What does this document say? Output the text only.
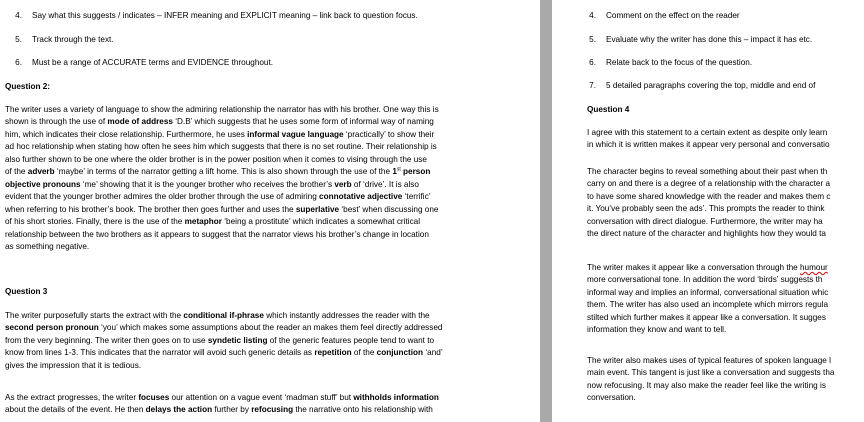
4. Say what this suggests / indicates – INFER meaning and EXPLICIT meaning – link back to question focus.
5. Track through the text.
6. Must be a range of ACCURATE terms and EVIDENCE throughout.
Question 2:
The writer uses a variety of language to show the admiring relationship the narrator has with his brother. One way this is
shown is through the use of mode of address ‘D.B’ which suggests that he uses some form of informal way of naming
him, which indicates their close relationship. Furthermore, he uses informal vague language ‘practically’ to show their
ad hoc relationship when stating how often he sees him which suggests that there is no set routine. Their relationship is
also further shown to be one where the older brother is in the power position when it comes to vising through the use
of the adverb ‘maybe’ in terms of the narrator getting a lift home. This is also shown through the use of the 1st person
objective pronouns ‘me’ showing that it is the younger brother who receives the brother’s verb of ‘drive’. It is also
evident that the younger brother admires the older brother through the use of admiring connotative adjective ‘terrific’
when referring to his brother’s book. The brother then goes further and uses the superlative ‘best’ when discussing one
of his short stories. Finally, there is the use of the metaphor ‘being a prostitute’ which indicates a somewhat critical
relationship between the two brothers as it appears to suggest that the narrator views his brother’s change in location
as something negative.
Question 3
The writer purposefully starts the extract with the conditional if-phrase which instantly addresses the reader with the
second person pronoun ‘you’ which makes some assumptions about the reader an makes them feel directly addressed
from the very beginning. The writer then goes on to use syndetic listing of the generic features people tend to want to
know from lines 1-3. This indicates that the narrator will avoid such generic details as repetition of the conjunction ‘and’
gives the impression that it is tedious.
As the extract progresses, the writer focuses our attention on a vague event ‘madman stuff’ but withholds information
about the details of the event. He then delays the action further by refocusing the narrative onto his relationship with
4. Comment on the effect on the reader
5. Evaluate why the writer has done this – impact it has etc.
6. Relate back to the focus of the question.
7. 5 detailed paragraphs covering the top, middle and end of
Question 4
I agree with this statement to a certain extent as despite only learn
in which it is written makes it appear very personal and conversatio
The character begins to reveal something about their past when th
carry on and there is a degree of a relationship with the character a
to have some shared knowledge with the reader and makes them c
it. You’ve probably seen the ads’. This prompts the reader to think
conversation with direct dialogue. Furthermore, the writer may ha
the direct nature of the character and highlights how they would ta
The writer makes it appear like a conversation through the humour
more conversational tone. In addition the word ‘birds’ suggests th
informal way and implies an informal, conversational situation whic
them. The writer has also used an incomplete which mirrors regula
stilted which further makes it appear like a conversation. It sugges
information they know and want to tell.
The writer also makes uses of typical features of spoken language l
main event. This tangent is just like a conversation and suggests tha
now refocusing. It may also make the reader feel like the writing is
conversation.
